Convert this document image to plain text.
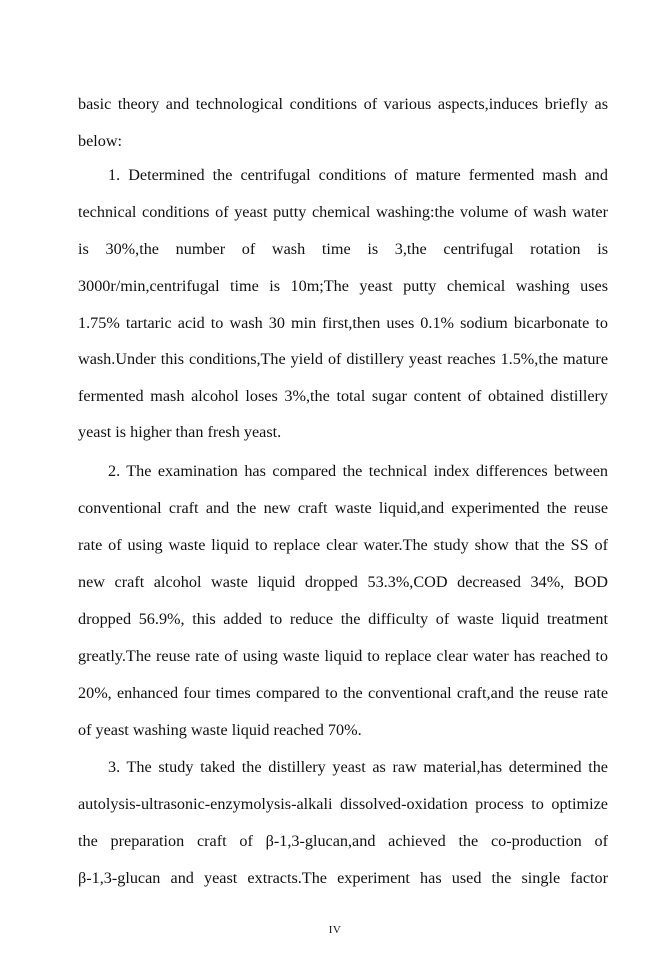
basic theory and technological conditions of various aspects,induces briefly as
below:
1. Determined the centrifugal conditions of mature fermented mash and
technical conditions of yeast putty chemical washing:the volume of wash water
is 30%,the number of wash time is 3,the centrifugal rotation is
3000r/min,centrifugal time is 10m;The yeast putty chemical washing uses
1.75% tartaric acid to wash 30 min first,then uses 0.1% sodium bicarbonate to
wash.Under this conditions,The yield of distillery yeast reaches 1.5%,the mature
fermented mash alcohol loses 3%,the total sugar content of obtained distillery
yeast is higher than fresh yeast.
2. The examination has compared the technical index differences between
conventional craft and the new craft waste liquid,and experimented the reuse
rate of using waste liquid to replace clear water.The study show that the SS of
new craft alcohol waste liquid dropped 53.3%,COD decreased 34%, BOD
dropped 56.9%, this added to reduce the difficulty of waste liquid treatment
greatly.The reuse rate of using waste liquid to replace clear water has reached to
20%, enhanced four times compared to the conventional craft,and the reuse rate
of yeast washing waste liquid reached 70%.
3. The study taked the distillery yeast as raw material,has determined the
autolysis-ultrasonic-enzymolysis-alkali dissolved-oxidation process to optimize
the preparation craft of β-1,3-glucan,and achieved the co-production of
β-1,3-glucan and yeast extracts.The experiment has used the single factor
IV
